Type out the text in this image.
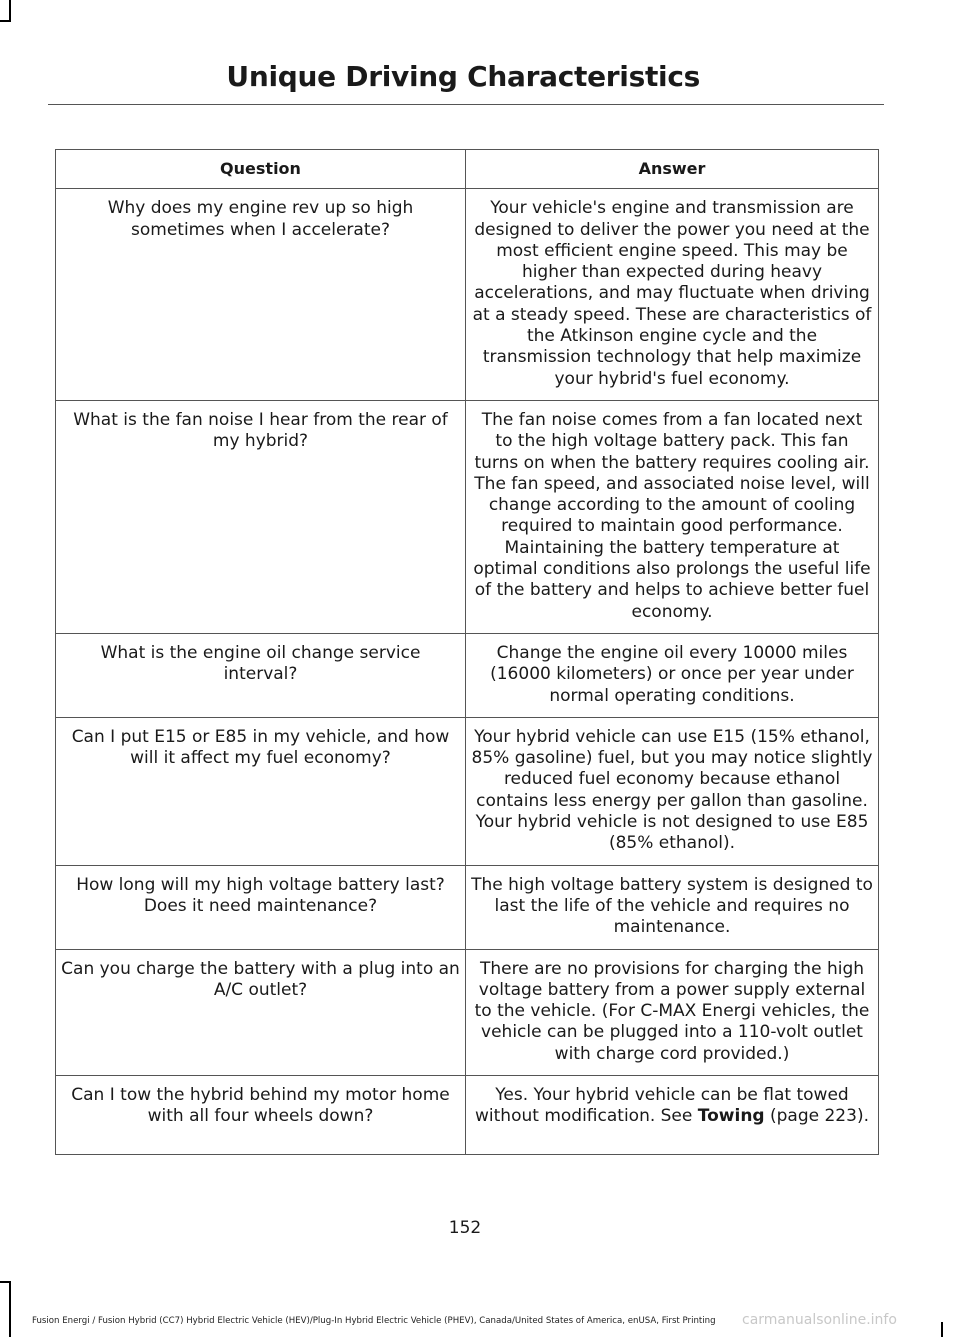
Unique Driving Characteristics
Question	Answer
Why does my engine rev up so high sometimes when I accelerate?	Your vehicle's engine and transmission are designed to deliver the power you need at the most efficient engine speed. This may be higher than expected during heavy accelerations, and may fluctuate when driving at a steady speed. These are characteristics of the Atkinson engine cycle and the transmission technology that help maximize your hybrid's fuel economy.
What is the fan noise I hear from the rear of my hybrid?	The fan noise comes from a fan located next to the high voltage battery pack. This fan turns on when the battery requires cooling air. The fan speed, and associated noise level, will change according to the amount of cooling required to maintain good performance. Maintaining the battery temperature at optimal conditions also prolongs the useful life of the battery and helps to achieve better fuel economy.
What is the engine oil change service interval?	Change the engine oil every 10000 miles (16000 kilometers) or once per year under normal operating conditions.
Can I put E15 or E85 in my vehicle, and how will it affect my fuel economy?	Your hybrid vehicle can use E15 (15% ethanol, 85% gasoline) fuel, but you may notice slightly reduced fuel economy because ethanol contains less energy per gallon than gasoline. Your hybrid vehicle is not designed to use E85 (85% ethanol).
How long will my high voltage battery last? Does it need maintenance?	The high voltage battery system is designed to last the life of the vehicle and requires no maintenance.
Can you charge the battery with a plug into an A/C outlet?	There are no provisions for charging the high voltage battery from a power supply external to the vehicle. (For C-MAX Energi vehicles, the vehicle can be plugged into a 110-volt outlet with charge cord provided.)
Can I tow the hybrid behind my motor home with all four wheels down?	Yes. Your hybrid vehicle can be flat towed without modification. See Towing (page 223).
152
Fusion Energi / Fusion Hybrid (CC7) Hybrid Electric Vehicle (HEV)/Plug-In Hybrid Electric Vehicle (PHEV), Canada/United States of America, enUSA, First Printing	carmanualsonline.info
